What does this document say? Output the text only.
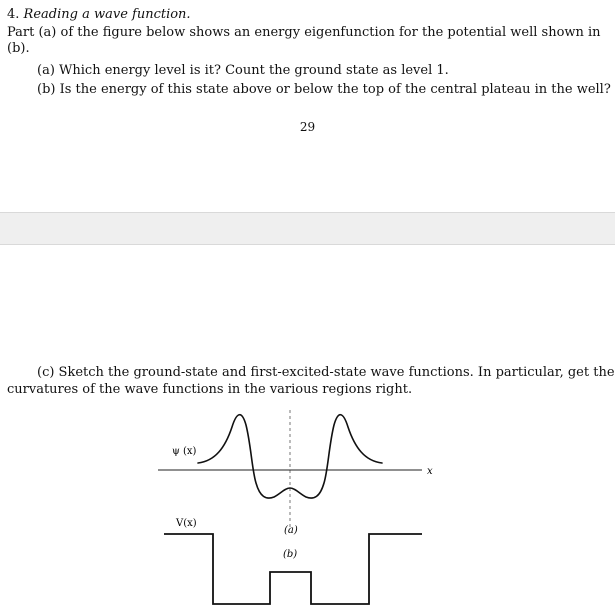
4. Reading a wave function.
Part (a) of the figure below shows an energy eigenfunction for the potential well shown in
(b).
(a) Which energy level is it? Count the ground state as level 1.
(b) Is the energy of this state above or below the top of the central plateau in the well?
29
(c) Sketch the ground-state and first-excited-state wave functions. In particular, get the
curvatures of the wave functions in the various regions right.
x
ψ (x)
(a)
V(x)
(b)
